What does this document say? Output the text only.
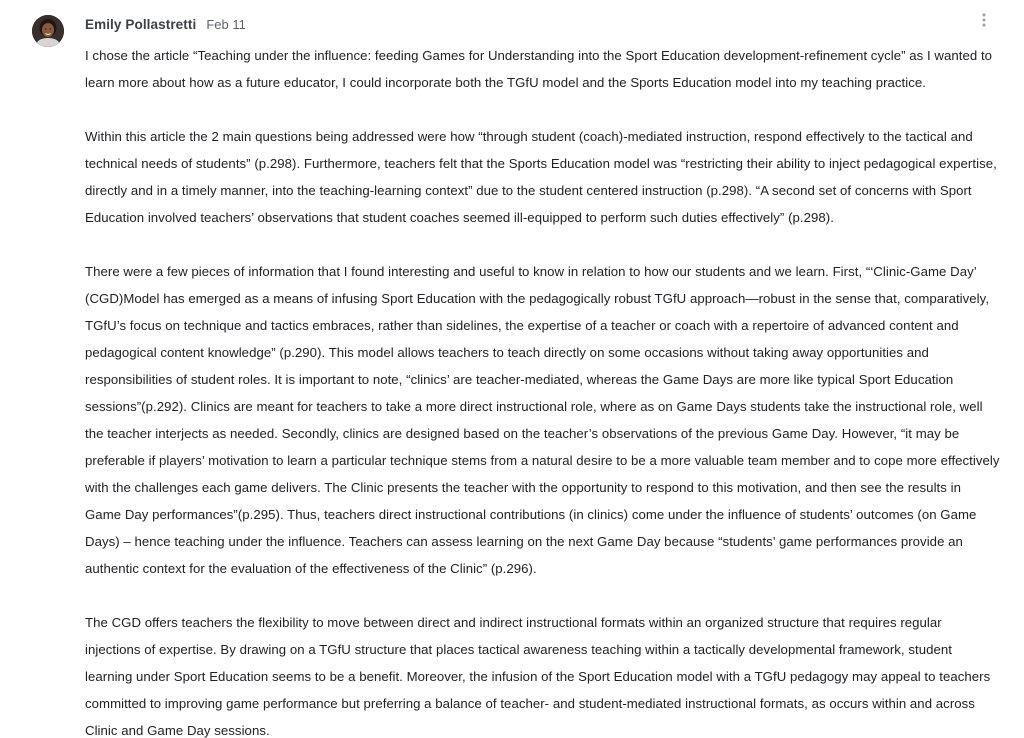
Emily Pollastretti Feb 11

I chose the article “Teaching under the influence: feeding Games for Understanding into the Sport Education development-refinement cycle” as I wanted to learn more about how as a future educator, I could incorporate both the TGfU model and the Sports Education model into my teaching practice.

Within this article the 2 main questions being addressed were how “through student (coach)-mediated instruction, respond effectively to the tactical and technical needs of students” (p.298). Furthermore, teachers felt that the Sports Education model was “restricting their ability to inject pedagogical expertise, directly and in a timely manner, into the teaching-learning context” due to the student centered instruction (p.298). “A second set of concerns with Sport Education involved teachers’ observations that student coaches seemed ill-equipped to perform such duties effectively” (p.298).

There were a few pieces of information that I found interesting and useful to know in relation to how our students and we learn. First, “‘Clinic-Game Day’ (CGD)Model has emerged as a means of infusing Sport Education with the pedagogically robust TGfU approach—robust in the sense that, comparatively, TGfU’s focus on technique and tactics embraces, rather than sidelines, the expertise of a teacher or coach with a repertoire of advanced content and pedagogical content knowledge” (p.290). This model allows teachers to teach directly on some occasions without taking away opportunities and responsibilities of student roles. It is important to note, “clinics’ are teacher-mediated, whereas the Game Days are more like typical Sport Education sessions”(p.292). Clinics are meant for teachers to take a more direct instructional role, where as on Game Days students take the instructional role, well the teacher interjects as needed. Secondly, clinics are designed based on the teacher’s observations of the previous Game Day. However, “it may be preferable if players’ motivation to learn a particular technique stems from a natural desire to be a more valuable team member and to cope more effectively with the challenges each game delivers. The Clinic presents the teacher with the opportunity to respond to this motivation, and then see the results in Game Day performances”(p.295). Thus, teachers direct instructional contributions (in clinics) come under the influence of students’ outcomes (on Game Days) – hence teaching under the influence. Teachers can assess learning on the next Game Day because “students’ game performances provide an authentic context for the evaluation of the effectiveness of the Clinic” (p.296).

The CGD offers teachers the flexibility to move between direct and indirect instructional formats within an organized structure that requires regular injections of expertise. By drawing on a TGfU structure that places tactical awareness teaching within a tactically developmental framework, student learning under Sport Education seems to be a benefit. Moreover, the infusion of the Sport Education model with a TGfU pedagogy may appeal to teachers committed to improving game performance but preferring a balance of teacher- and student-mediated instructional formats, as occurs within and across Clinic and Game Day sessions.
